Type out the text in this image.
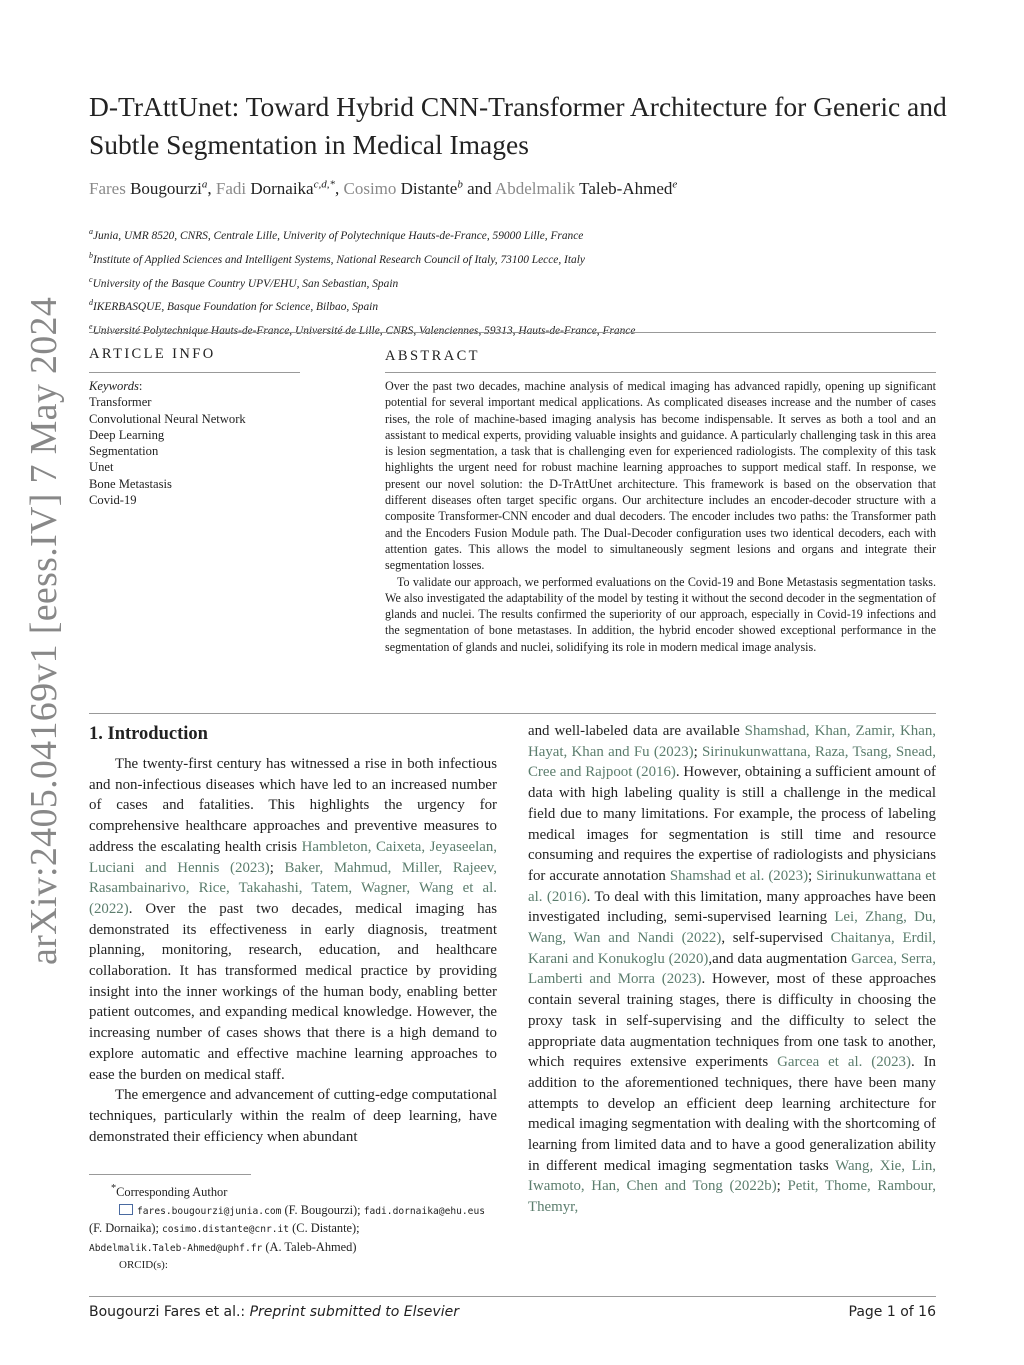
arXiv:2405.04169v1 [eess.IV] 7 May 2024
D-TrAttUnet: Toward Hybrid CNN-Transformer Architecture for Generic and Subtle Segmentation in Medical Images
Fares Bougourzi$^a$, Fadi Dornaika$^{c,d,*}$, Cosimo Distante$^b$ and Abdelmalik Taleb-Ahmed$^e$
$^a$Junia, UMR 8520, CNRS, Centrale Lille, Univerity of Polytechnique Hauts-de-France, 59000 Lille, France
$^b$Institute of Applied Sciences and Intelligent Systems, National Research Council of Italy, 73100 Lecce, Italy
$^c$University of the Basque Country UPV/EHU, San Sebastian, Spain
$^d$IKERBASQUE, Basque Foundation for Science, Bilbao, Spain
$^e$Université Polytechnique Hauts-de-France, Université de Lille, CNRS, Valenciennes, 59313, Hauts-de-France, France
ARTICLE INFO
Keywords:
Transformer
Convolutional Neural Network
Deep Learning
Segmentation
Unet
Bone Metastasis
Covid-19
ABSTRACT

Over the past two decades, machine analysis of medical imaging has advanced rapidly, opening up significant potential for several important medical applications. As complicated diseases increase and the number of cases rises, the role of machine-based imaging analysis has become indispensable. It serves as both a tool and an assistant to medical experts, providing valuable insights and guidance. A particularly challenging task in this area is lesion segmentation, a task that is challenging even for experienced radiologists. The complexity of this task highlights the urgent need for robust machine learning approaches to support medical staff. In response, we present our novel solution: the D-TrAttUnet architecture. This framework is based on the observation that different diseases often target specific organs. Our architecture includes an encoder-decoder structure with a composite Transformer-CNN encoder and dual decoders. The encoder includes two paths: the Transformer path and the Encoders Fusion Module path. The Dual-Decoder configuration uses two identical decoders, each with attention gates. This allows the model to simultaneously segment lesions and organs and integrate their segmentation losses.

To validate our approach, we performed evaluations on the Covid-19 and Bone Metastasis segmentation tasks. We also investigated the adaptability of the model by testing it without the second decoder in the segmentation of glands and nuclei. The results confirmed the superiority of our approach, especially in Covid-19 infections and the segmentation of bone metastases. In addition, the hybrid encoder showed exceptional performance in the segmentation of glands and nuclei, solidifying its role in modern medical image analysis.

1. Introduction

The twenty-first century has witnessed a rise in both infectious and non-infectious diseases which have led to an increased number of cases and fatalities. This highlights the urgency for comprehensive healthcare approaches and preventive measures to address the escalating health crisis Hambleton, Caixeta, Jeyaseelan, Luciani and Hennis (2023); Baker, Mahmud, Miller, Rajeev, Rasambainarivo, Rice, Takahashi, Tatem, Wagner, Wang et al. (2022). Over the past two decades, medical imaging has demonstrated its effectiveness in early diagnosis, treatment planning, monitoring, research, education, and healthcare collaboration. It has transformed medical practice by providing insight into the inner workings of the human body, enabling better patient outcomes, and expanding medical knowledge. However, the increasing number of cases shows that there is a high demand to explore automatic and effective machine learning approaches to ease the burden on medical staff.

The emergence and advancement of cutting-edge computational techniques, particularly within the realm of deep learning, have demonstrated their efficiency when abundant

*Corresponding Author
fares.bougourzi@junia.com (F. Bougourzi); fadi.dornaika@ehu.eus
(F. Dornaika); cosimo.distante@cnr.it (C. Distante);
Abdelmalik.Taleb-Ahmed@uphf.fr (A. Taleb-Ahmed)
ORCID(s):

and well-labeled data are available Shamshad, Khan, Zamir, Khan, Hayat, Khan and Fu (2023); Sirinukunwattana, Raza, Tsang, Snead, Cree and Rajpoot (2016). However, obtaining a sufficient amount of data with high labeling quality is still a challenge in the medical field due to many limitations. For example, the process of labeling medical images for segmentation is still time and resource consuming and requires the expertise of radiologists and physicians for accurate annotation Shamshad et al. (2023); Sirinukunwattana et al. (2016). To deal with this limitation, many approaches have been investigated including, semi-supervised learning Lei, Zhang, Du, Wang, Wan and Nandi (2022), self-supervised Chaitanya, Erdil, Karani and Konukoglu (2020),and data augmentation Garcea, Serra, Lamberti and Morra (2023). However, most of these approaches contain several training stages, there is difficulty in choosing the proxy task in self-supervising and the difficulty to select the appropriate data augmentation techniques from one task to another, which requires extensive experiments Garcea et al. (2023). In addition to the aforementioned techniques, there have been many attempts to develop an efficient deep learning architecture for medical imaging segmentation with dealing with the shortcoming of learning from limited data and to have a good generalization ability in different medical imaging segmentation tasks Wang, Xie, Lin, Iwamoto, Han, Chen and Tong (2022b); Petit, Thome, Rambour, Themyr,

Bougourzi Fares et al.: Preprint submitted to Elsevier	Page 1 of 16
